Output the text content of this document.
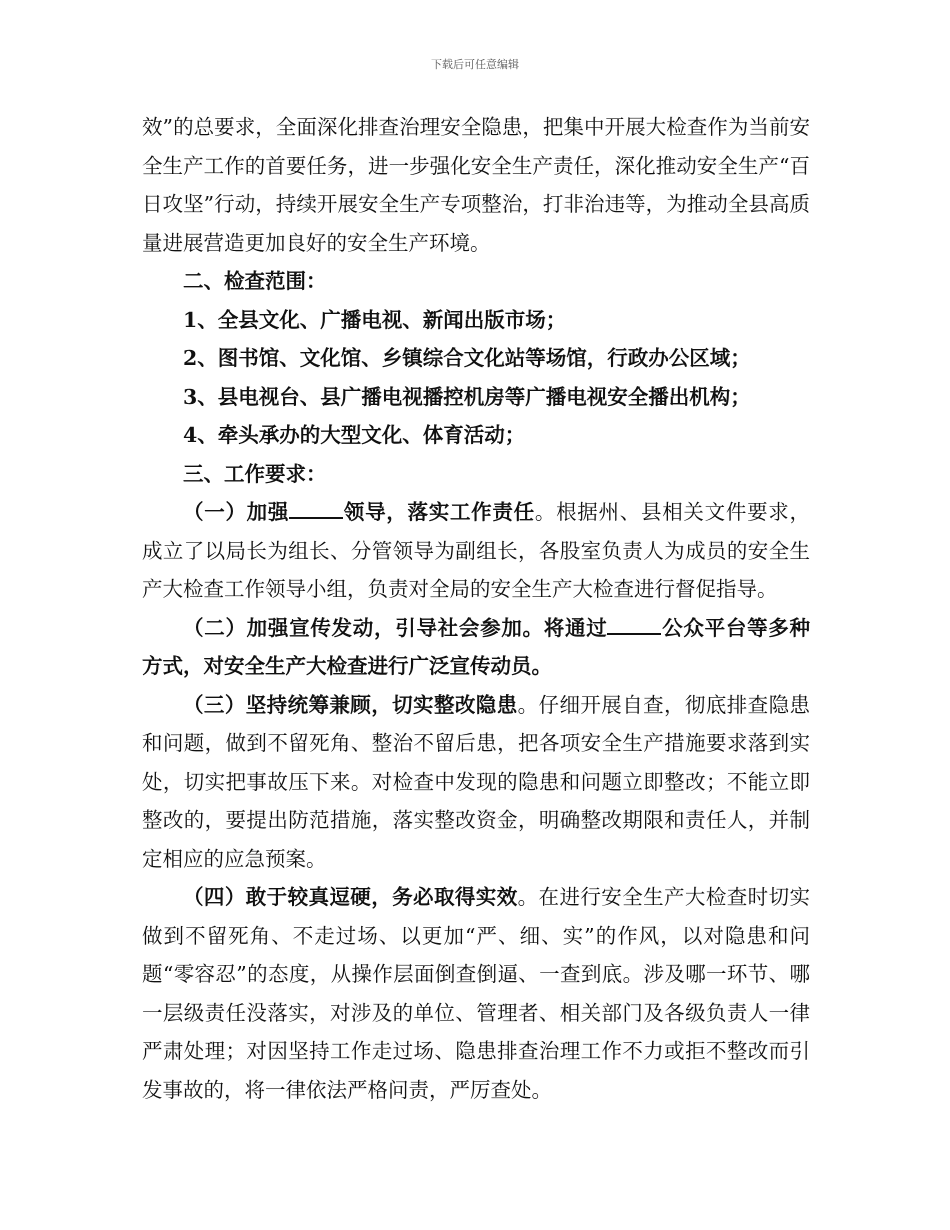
下载后可任意编辑

效”的总要求，全面深化排查治理安全隐患，把集中开展大检查作为当前安全生产工作的首要任务，进一步强化安全生产责任，深化推动安全生产“百日攻坚”行动，持续开展安全生产专项整治，打非治违等，为推动全县高质量进展营造更加良好的安全生产环境。

二、检查范围：

1、全县文化、广播电视、新闻出版市场；

2、图书馆、文化馆、乡镇综合文化站等场馆，行政办公区域；

3、县电视台、县广播电视播控机房等广播电视安全播出机构；

4、牵头承办的大型文化、体育活动；

三、工作要求：

（一）加强	领导，落实工作责任。根据州、县相关文件要求，成立了以局长为组长、分管领导为副组长，各股室负责人为成员的安全生产大检查工作领导小组，负责对全局的安全生产大检查进行督促指导。

（二）加强宣传发动，引导社会参加。将通过	公众平台等多种方式，对安全生产大检查进行广泛宣传动员。

（三）坚持统筹兼顾，切实整改隐患。仔细开展自查，彻底排查隐患和问题，做到不留死角、整治不留后患，把各项安全生产措施要求落到实处，切实把事故压下来。对检查中发现的隐患和问题立即整改；不能立即整改的，要提出防范措施，落实整改资金，明确整改期限和责任人，并制定相应的应急预案。

（四）敢于较真逗硬，务必取得实效。在进行安全生产大检查时切实做到不留死角、不走过场、以更加“严、细、实”的作风，以对隐患和问题“零容忍”的态度，从操作层面倒查倒逼、一查到底。涉及哪一环节、哪一层级责任没落实，对涉及的单位、管理者、相关部门及各级负责人一律严肃处理；对因坚持工作走过场、隐患排查治理工作不力或拒不整改而引发事故的，将一律依法严格问责，严厉查处。
